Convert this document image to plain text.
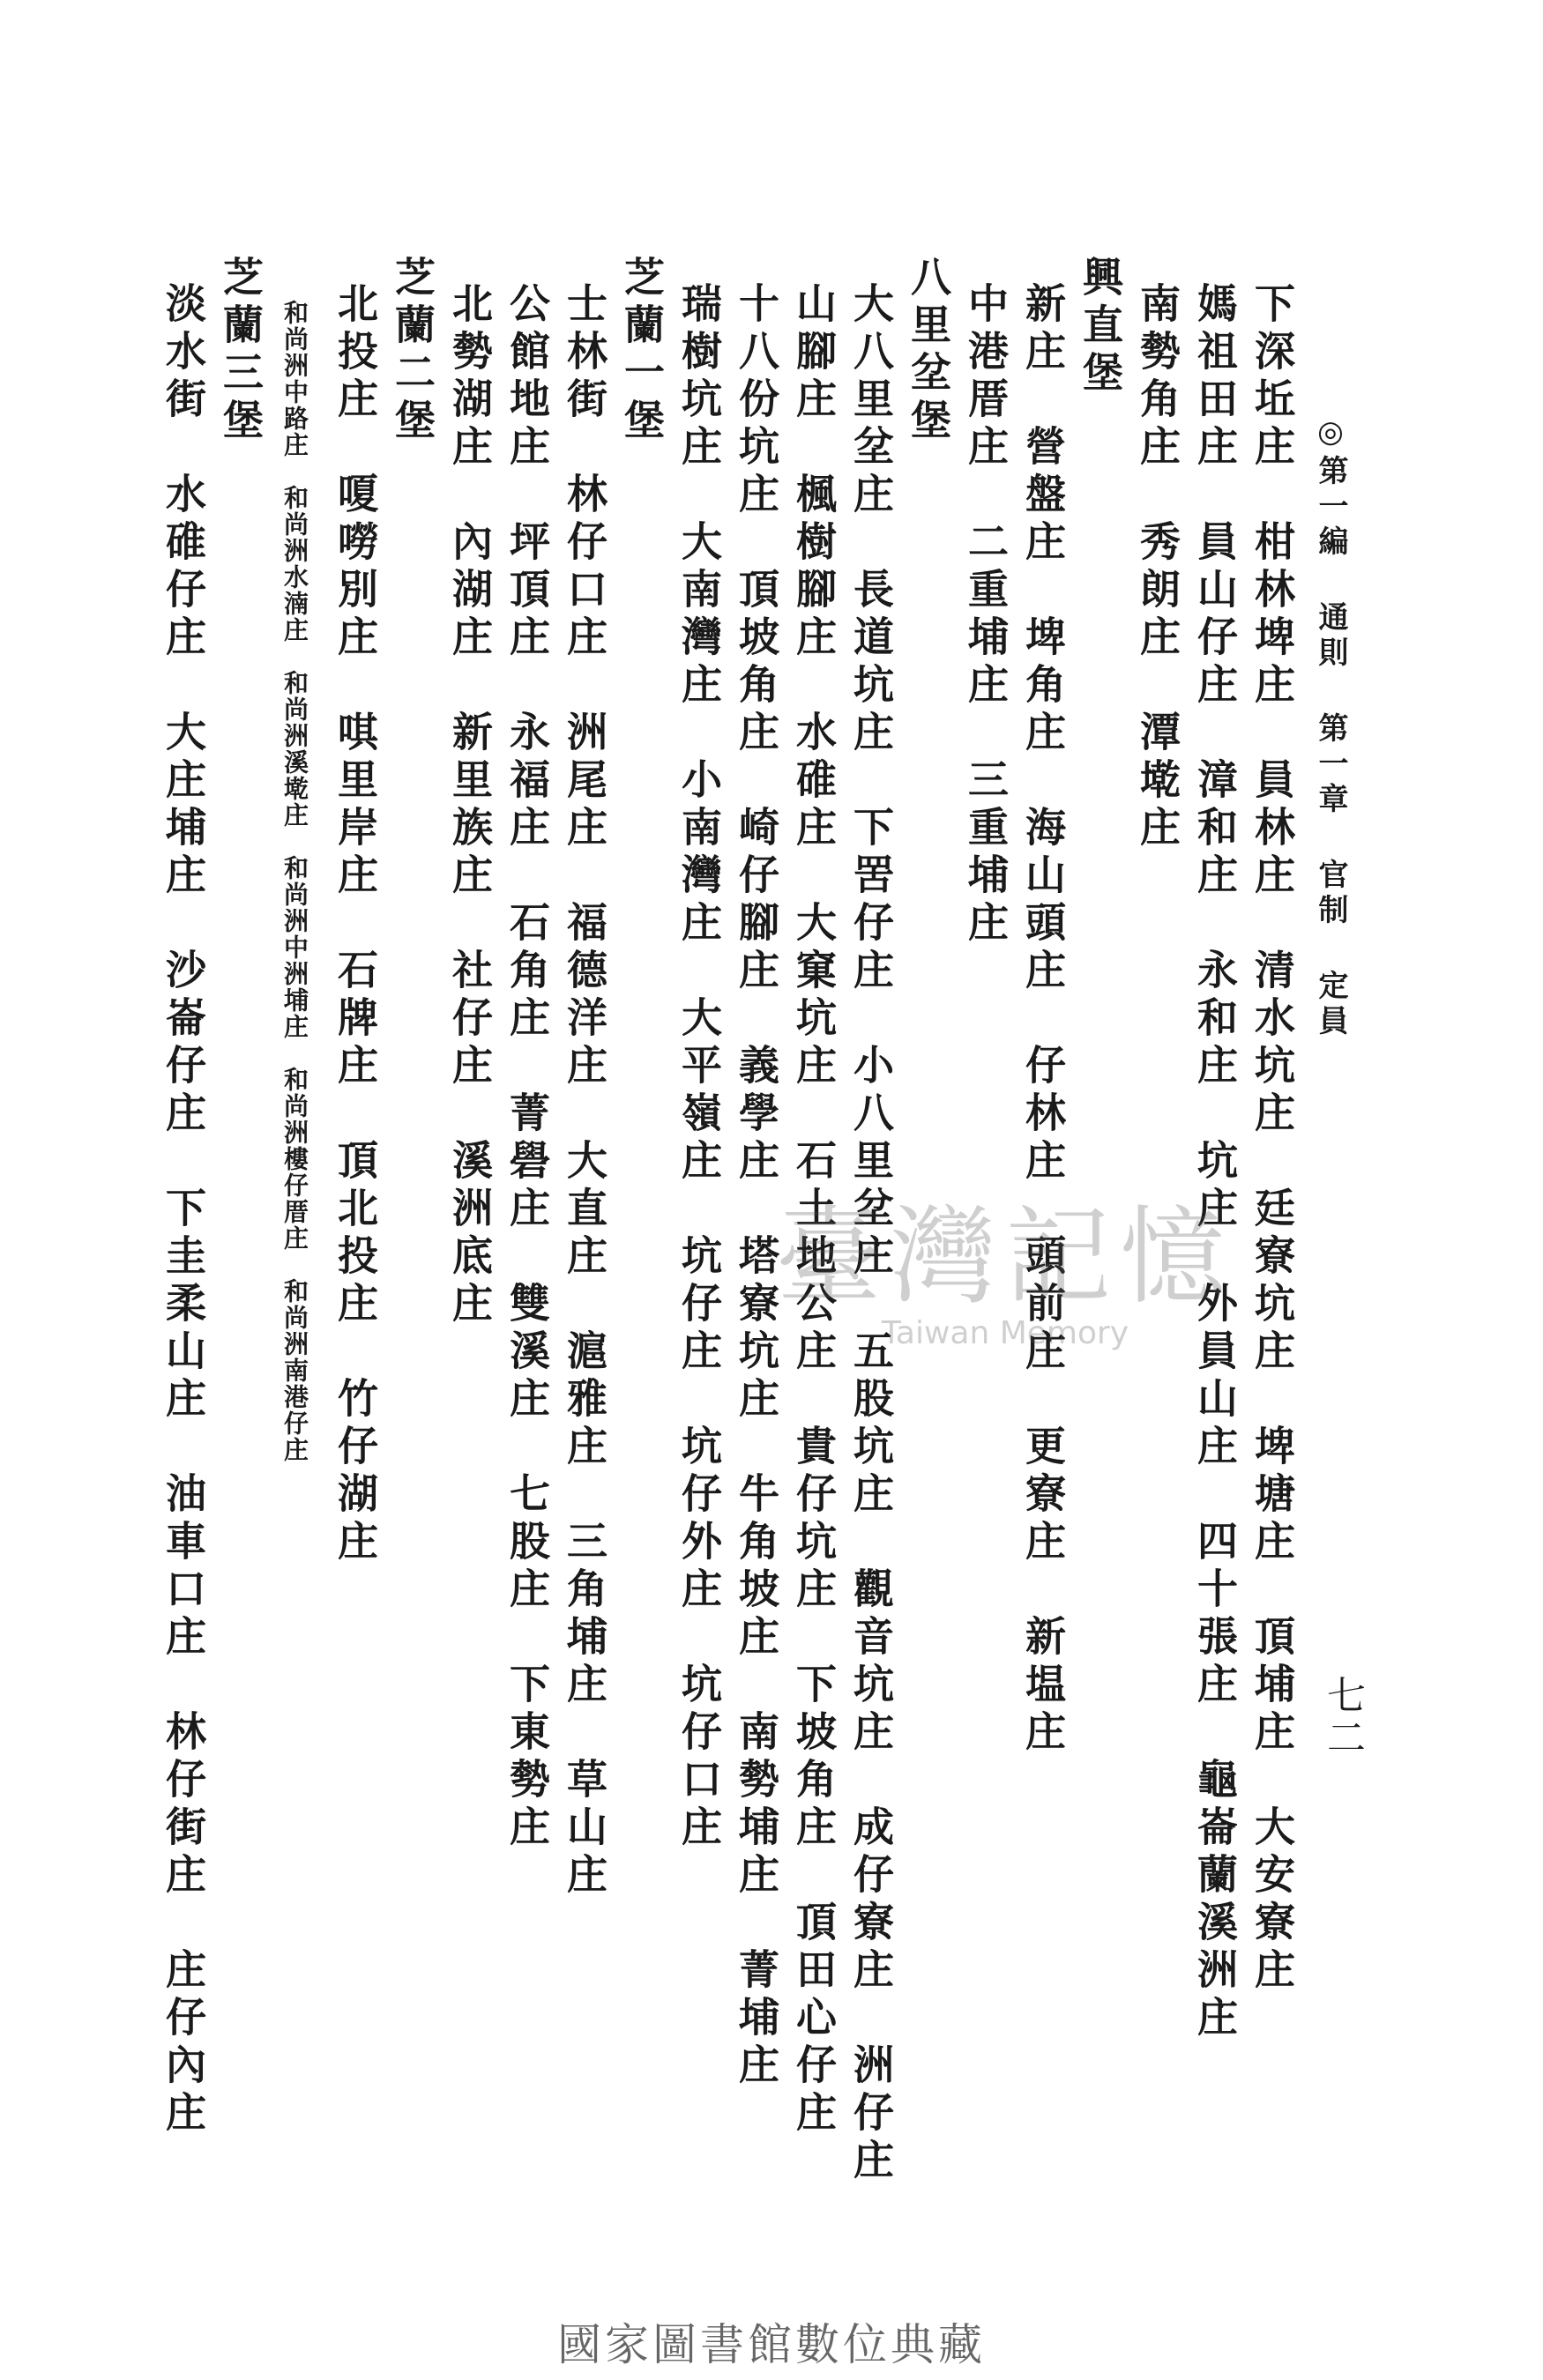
◎第一編 通則 第一章 官制 定員
七二
下深坵庄　柑林埤庄　員林庄　清水坑庄　廷寮坑庄　埤塘庄　頂埔庄　大安寮庄
媽祖田庄　員山仔庄　漳和庄　永和庄　坑庄　外員山庄　四十張庄　龜崙蘭溪洲庄
南勢角庄　秀朗庄　潭墘庄
興直堡
新庄　營盤庄　埤角庄　海山頭庄　仔林庄　頭前庄　更寮庄　新塭庄
中港厝庄　二重埔庄　三重埔庄
八里坌堡
大八里坌庄　長道坑庄　下罟仔庄　小八里坌庄　五股坑庄　觀音坑庄　成仔寮庄　洲仔庄
山腳庄　楓樹腳庄　水碓庄　大窠坑庄　石土地公庄　貴仔坑庄　下坡角庄　頂田心仔庄
十八份坑庄　頂坡角庄　崎仔腳庄　義學庄　塔寮坑庄　牛角坡庄　南勢埔庄　菁埔庄
瑞樹坑庄　大南灣庄　小南灣庄　大平嶺庄　坑仔庄　坑仔外庄　坑仔口庄
芝蘭一堡
士林街　林仔口庄　洲尾庄　福德洋庄　大直庄　滬雅庄　三角埔庄　草山庄
公館地庄　坪頂庄　永福庄　石角庄　菁礐庄　雙溪庄　七股庄　下東勢庄
北勢湖庄　內湖庄　新里族庄　社仔庄　溪洲底庄
芝蘭二堡
北投庄　嗄嘮別庄　唭里岸庄　石牌庄　頂北投庄　竹仔湖庄
和尚洲中路庄　和尚洲水湳庄　和尚洲溪墘庄　和尚洲中洲埔庄　和尚洲樓仔厝庄　和尚洲南港仔庄
芝蘭三堡
淡水街　水碓仔庄　大庄埔庄　沙崙仔庄　下圭柔山庄　油車口庄　林仔街庄　庄仔內庄	臺灣記憶
Taiwan Memory
國家圖書館數位典藏
